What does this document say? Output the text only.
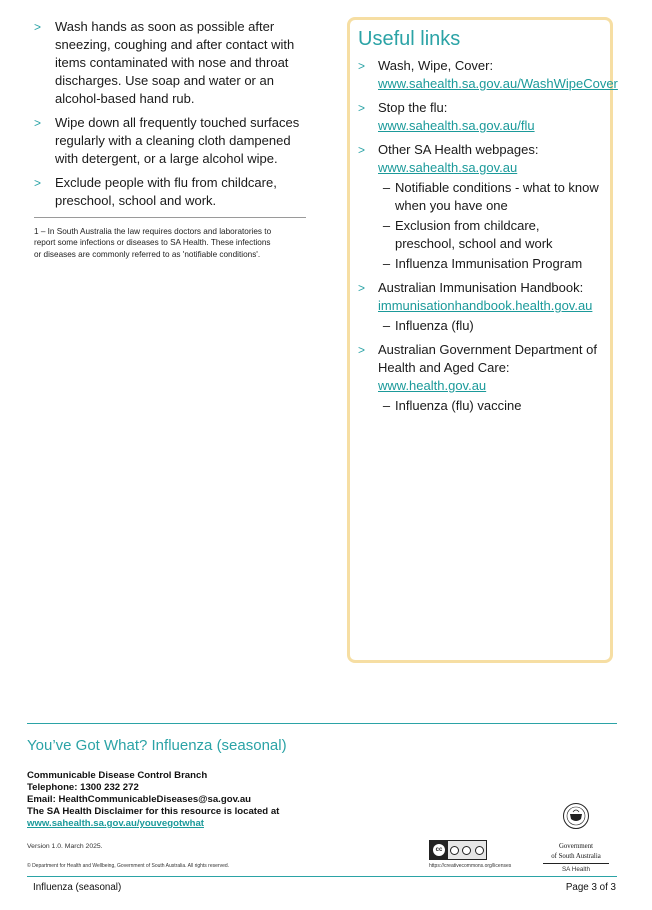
>	Wash hands as soon as possible after sneezing, coughing and after contact with items contaminated with nose and throat discharges. Use soap and water or an alcohol-based hand rub.
>	Wipe down all frequently touched surfaces regularly with a cleaning cloth dampened with detergent, or a large alcohol wipe.
>	Exclude people with flu from childcare, preschool, school and work.
1 – In South Australia the law requires doctors and laboratories to report some infections or diseases to SA Health. These infections or diseases are commonly referred to as 'notifiable conditions'.
Useful links
> Wash, Wipe, Cover:
www.sahealth.sa.gov.au/WashWipeCover
> Stop the flu:
www.sahealth.sa.gov.au/flu
> Other SA Health webpages:
www.sahealth.sa.gov.au
– Notifiable conditions - what to know when you have one
– Exclusion from childcare, preschool, school and work
– Influenza Immunisation Program
> Australian Immunisation Handbook:
immunisationhandbook.health.gov.au
– Influenza (flu)
> Australian Government Department of Health and Aged Care:
www.health.gov.au
– Influenza (flu) vaccine
You’ve Got What? Influenza (seasonal)
Communicable Disease Control Branch
Telephone: 1300 232 272
Email: HealthCommunicableDiseases@sa.gov.au
The SA Health Disclaimer for this resource is located at
www.sahealth.sa.gov.au/youvegotwhat
Version 1.0. March 2025.
© Department for Health and Wellbeing, Government of South Australia. All rights reserved.
cc
https://creativecommons.org/licenses
Government
of South Australia
SA Health
Influenza (seasonal)	Page 3 of 3
